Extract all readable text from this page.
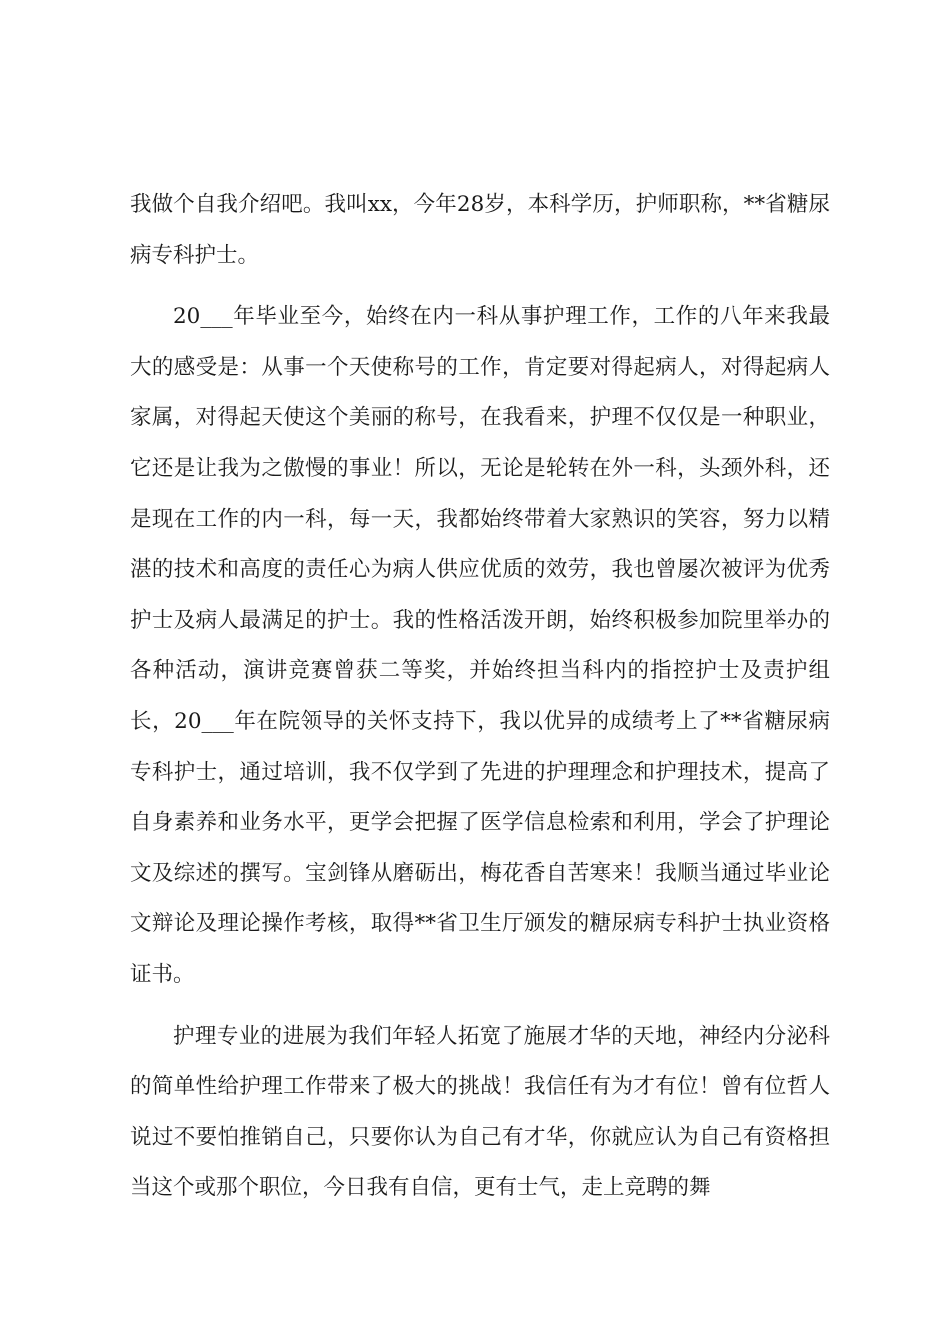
我做个自我介绍吧。我叫xx，今年28岁，本科学历，护师职称，**省糖尿病专科护士。

20___年毕业至今，始终在内一科从事护理工作，工作的八年来我最大的感受是：从事一个天使称号的工作，肯定要对得起病人，对得起病人家属，对得起天使这个美丽的称号，在我看来，护理不仅仅是一种职业，它还是让我为之傲慢的事业！所以，无论是轮转在外一科，头颈外科，还是现在工作的内一科，每一天，我都始终带着大家熟识的笑容，努力以精湛的技术和高度的责任心为病人供应优质的效劳，我也曾屡次被评为优秀护士及病人最满足的护士。我的性格活泼开朗，始终积极参加院里举办的各种活动，演讲竞赛曾获二等奖，并始终担当科内的指控护士及责护组长，20___年在院领导的关怀支持下，我以优异的成绩考上了**省糖尿病专科护士，通过培训，我不仅学到了先进的护理理念和护理技术，提高了自身素养和业务水平，更学会把握了医学信息检索和利用，学会了护理论文及综述的撰写。宝剑锋从磨砺出，梅花香自苦寒来！我顺当通过毕业论文辩论及理论操作考核，取得**省卫生厅颁发的糖尿病专科护士执业资格证书。

护理专业的进展为我们年轻人拓宽了施展才华的天地，神经内分泌科的简单性给护理工作带来了极大的挑战！我信任有为才有位！曾有位哲人说过不要怕推销自己，只要你认为自己有才华，你就应认为自己有资格担当这个或那个职位，今日我有自信，更有士气，走上竞聘的舞
